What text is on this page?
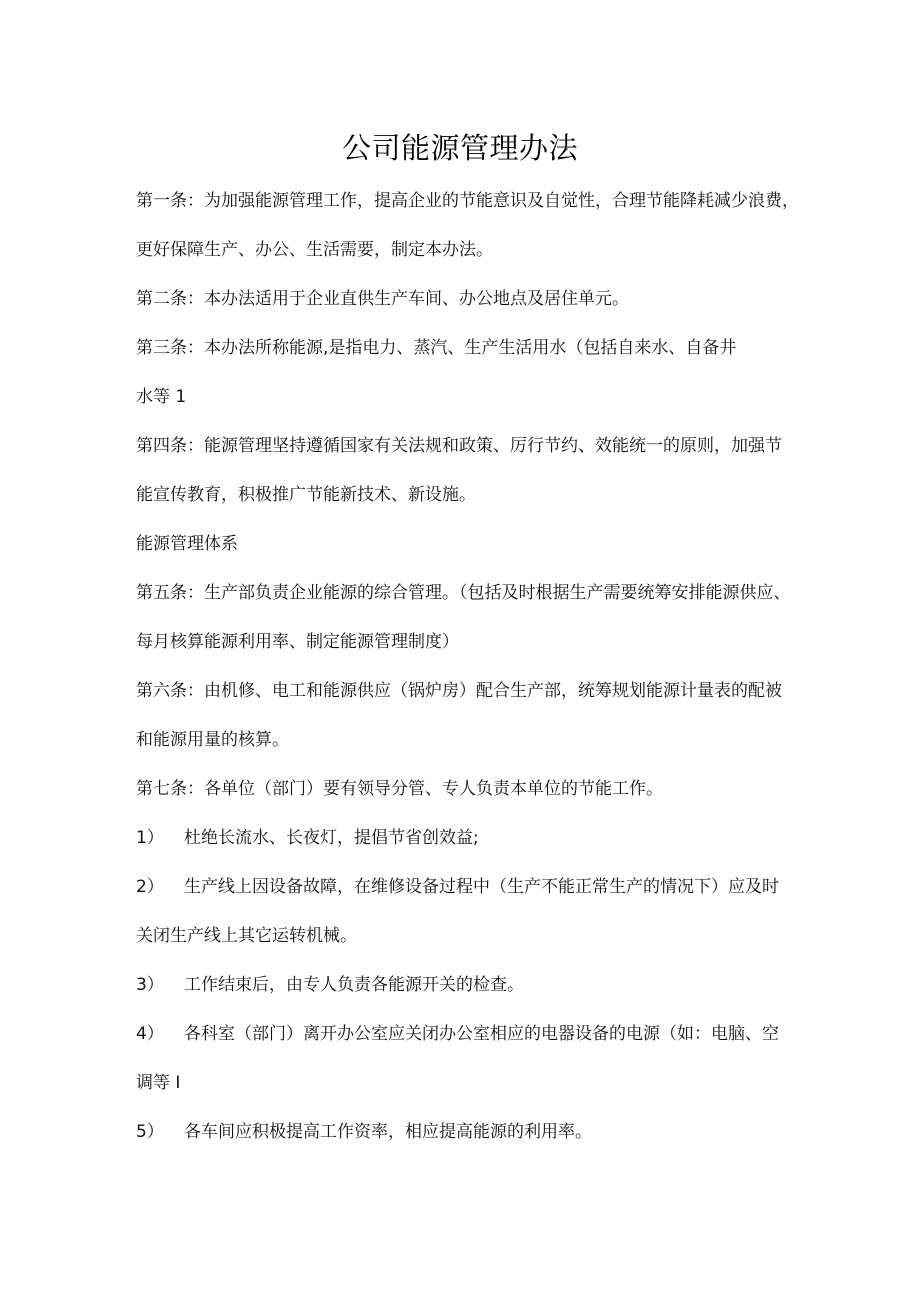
公司能源管理办法
第一条：为加强能源管理工作，提高企业的节能意识及自觉性，合理节能降耗减少浪费，
更好保障生产、办公、生活需要，制定本办法。
第二条：本办法适用于企业直供生产车间、办公地点及居住单元。
第三条：本办法所称能源,是指电力、蒸汽、生产生活用水（包括自来水、自备井
水等 1
第四条：能源管理坚持遵循国家有关法规和政策、厉行节约、效能统一的原则，加强节
能宣传教育，积极推广节能新技术、新设施。
能源管理体系
第五条：生产部负责企业能源的综合管理。（包括及时根据生产需要统筹安排能源供应、
每月核算能源利用率、制定能源管理制度）
第六条：由机修、电工和能源供应（锅炉房）配合生产部，统筹规划能源计量表的配被
和能源用量的核算。
第七条：各单位（部门）要有领导分管、专人负责本单位的节能工作。
1） 杜绝长流水、长夜灯，提倡节省创效益;
2） 生产线上因设备故障，在维修设备过程中（生产不能正常生产的情况下）应及时
关闭生产线上其它运转机械。
3） 工作结束后，由专人负责各能源开关的检查。
4） 各科室（部门）离开办公室应关闭办公室相应的电器设备的电源（如：电脑、空
调等 I
5） 各车间应积极提高工作资率，相应提高能源的利用率。
